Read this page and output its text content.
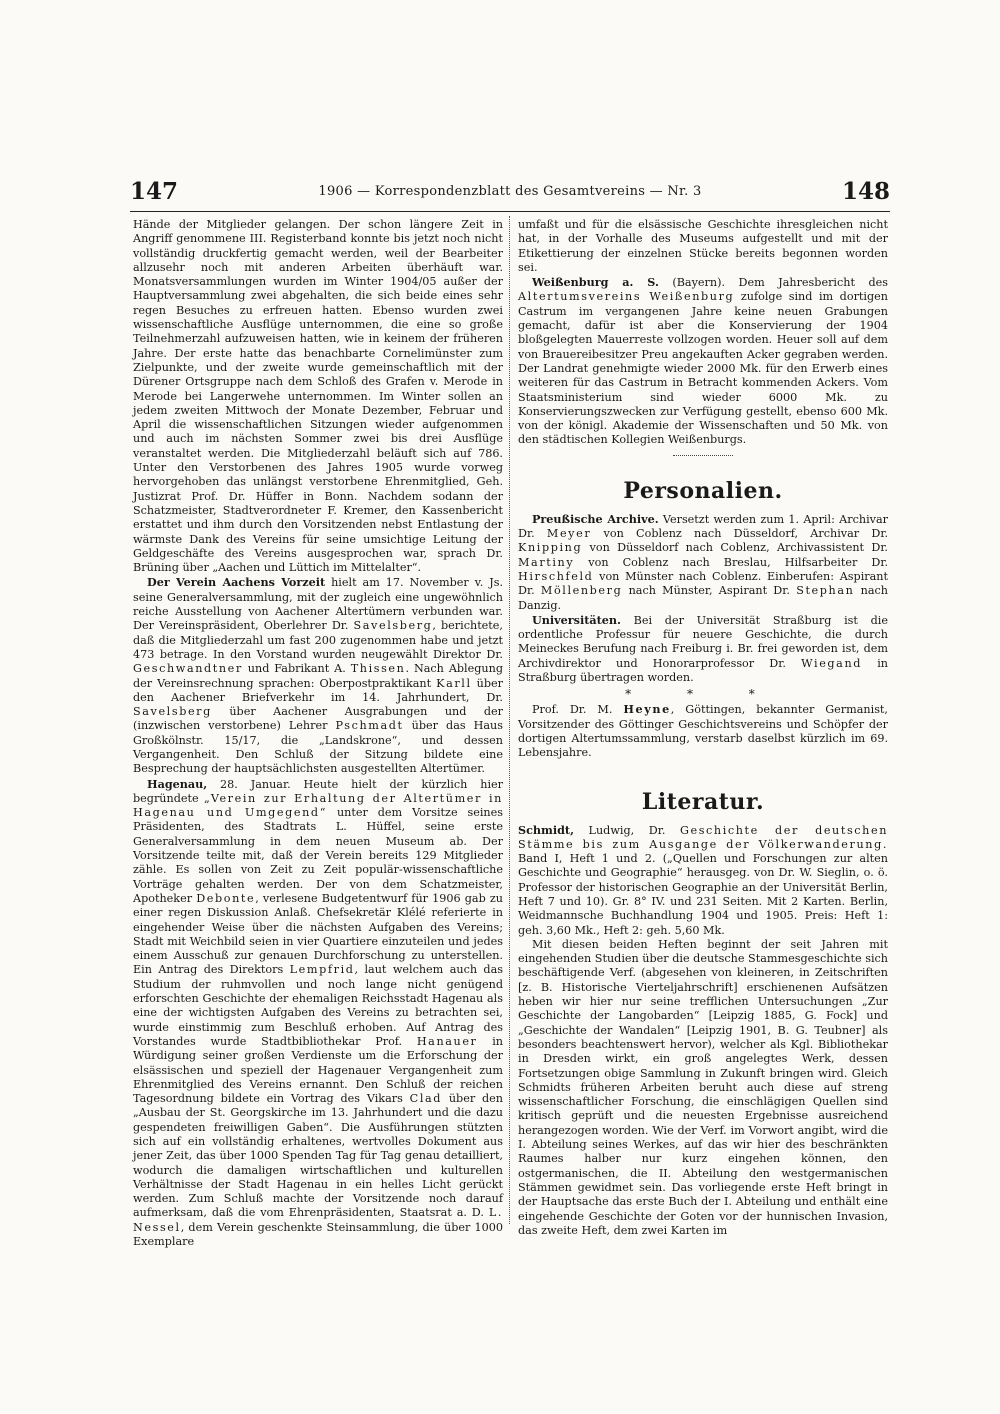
147	1906 — Korrespondenzblatt des Gesamtvereins — Nr. 3	148

Hände der Mitglieder gelangen. Der schon längere Zeit in Angriff genommene III. Registerband konnte bis jetzt noch nicht vollständig druckfertig gemacht werden, weil der Bearbeiter allzusehr noch mit anderen Arbeiten überhäuft war. Monatsversammlungen wurden im Winter 1904/05 außer der Hauptversammlung zwei abgehalten, die sich beide eines sehr regen Besuches zu erfreuen hatten. Ebenso wurden zwei wissenschaftliche Ausflüge unternommen, die eine so große Teilnehmerzahl aufzuweisen hatten, wie in keinem der früheren Jahre. Der erste hatte das benachbarte Cornelimünster zum Zielpunkte, und der zweite wurde gemeinschaftlich mit der Dürener Ortsgruppe nach dem Schloß des Grafen v. Merode in Merode bei Langerwehe unternommen. Im Winter sollen an jedem zweiten Mittwoch der Monate Dezember, Februar und April die wissenschaftlichen Sitzungen wieder aufgenommen und auch im nächsten Sommer zwei bis drei Ausflüge veranstaltet werden. Die Mitgliederzahl beläuft sich auf 786. Unter den Verstorbenen des Jahres 1905 wurde vorweg hervorgehoben das unlängst verstorbene Ehrenmitglied, Geh. Justizrat Prof. Dr. Hüffer in Bonn. Nachdem sodann der Schatzmeister, Stadtverordneter F. Kremer, den Kassenbericht erstattet und ihm durch den Vorsitzenden nebst Entlastung der wärmste Dank des Vereins für seine umsichtige Leitung der Geldgeschäfte des Vereins ausgesprochen war, sprach Dr. Brüning über „Aachen und Lüttich im Mittelalter“.

Der Verein Aachens Vorzeit hielt am 17. November v. Js. seine Generalversammlung, mit der zugleich eine ungewöhnlich reiche Ausstellung von Aachener Altertümern verbunden war. Der Vereinspräsident, Oberlehrer Dr. Savelsberg, berichtete, daß die Mitgliederzahl um fast 200 zugenommen habe und jetzt 473 betrage. In den Vorstand wurden neugewählt Direktor Dr. Geschwandtner und Fabrikant A. Thissen. Nach Ablegung der Vereinsrechnung sprachen: Oberpostpraktikant Karll über den Aachener Briefverkehr im 14. Jahrhundert, Dr. Savelsberg über Aachener Ausgrabungen und der (inzwischen verstorbene) Lehrer Pschmadt über das Haus Großkölnstr. 15/17, die „Landskrone“, und dessen Vergangenheit. Den Schluß der Sitzung bildete eine Besprechung der hauptsächlichsten ausgestellten Altertümer.

Hagenau, 28. Januar. Heute hielt der kürzlich hier begründete „Verein zur Erhaltung der Altertümer in Hagenau und Umgegend“ unter dem Vorsitze seines Präsidenten, des Stadtrats L. Hüffel, seine erste Generalversammlung in dem neuen Museum ab. Der Vorsitzende teilte mit, daß der Verein bereits 129 Mitglieder zähle. Es sollen von Zeit zu Zeit populär-wissenschaftliche Vorträge gehalten werden. Der von dem Schatzmeister, Apotheker Debonte, verlesene Budgetentwurf für 1906 gab zu einer regen Diskussion Anlaß. Chefsekretär Klélé referierte in eingehender Weise über die nächsten Aufgaben des Vereins; Stadt mit Weichbild seien in vier Quartiere einzuteilen und jedes einem Ausschuß zur genauen Durchforschung zu unterstellen. Ein Antrag des Direktors Lempfrid, laut welchem auch das Studium der ruhmvollen und noch lange nicht genügend erforschten Geschichte der ehemaligen Reichsstadt Hagenau als eine der wichtigsten Aufgaben des Vereins zu betrachten sei, wurde einstimmig zum Beschluß erhoben. Auf Antrag des Vorstandes wurde Stadtbibliothekar Prof. Hanauer in Würdigung seiner großen Verdienste um die Erforschung der elsässischen und speziell der Hagenauer Vergangenheit zum Ehrenmitglied des Vereins ernannt. Den Schluß der reichen Tagesordnung bildete ein Vortrag des Vikars Clad über den „Ausbau der St. Georgskirche im 13. Jahrhundert und die dazu gespendeten freiwilligen Gaben“. Die Ausführungen stützten sich auf ein vollständig erhaltenes, wertvolles Dokument aus jener Zeit, das über 1000 Spenden Tag für Tag genau detailliert, wodurch die damaligen wirtschaftlichen und kulturellen Verhältnisse der Stadt Hagenau in ein helles Licht gerückt werden. Zum Schluß machte der Vorsitzende noch darauf aufmerksam, daß die vom Ehrenpräsidenten, Staatsrat a. D. L. Nessel, dem Verein geschenkte Steinsammlung, die über 1000 Exemplare

umfaßt und für die elsässische Geschichte ihresgleichen nicht hat, in der Vorhalle des Museums aufgestellt und mit der Etikettierung der einzelnen Stücke bereits begonnen worden sei.

Weißenburg a. S. (Bayern). Dem Jahresbericht des Altertumsvereins Weißenburg zufolge sind im dortigen Castrum im vergangenen Jahre keine neuen Grabungen gemacht, dafür ist aber die Konservierung der 1904 bloßgelegten Mauerreste vollzogen worden. Heuer soll auf dem von Brauereibesitzer Preu angekauften Acker gegraben werden. Der Landrat genehmigte wieder 2000 Mk. für den Erwerb eines weiteren für das Castrum in Betracht kommenden Ackers. Vom Staatsministerium sind wieder 6000 Mk. zu Konservierungszwecken zur Verfügung gestellt, ebenso 600 Mk. von der königl. Akademie der Wissenschaften und 50 Mk. von den städtischen Kollegien Weißenburgs.

Personalien.

Preußische Archive. Versetzt werden zum 1. April: Archivar Dr. Meyer von Coblenz nach Düsseldorf, Archivar Dr. Knipping von Düsseldorf nach Coblenz, Archivassistent Dr. Martiny von Coblenz nach Breslau, Hilfsarbeiter Dr. Hirschfeld von Münster nach Coblenz. Einberufen: Aspirant Dr. Möllenberg nach Münster, Aspirant Dr. Stephan nach Danzig.

Universitäten. Bei der Universität Straßburg ist die ordentliche Professur für neuere Geschichte, die durch Meineckes Berufung nach Freiburg i. Br. frei geworden ist, dem Archivdirektor und Honorarprofessor Dr. Wiegand in Straßburg übertragen worden.

* * *

Prof. Dr. M. Heyne, Göttingen, bekannter Germanist, Vorsitzender des Göttinger Geschichtsvereins und Schöpfer der dortigen Altertumssammlung, verstarb daselbst kürzlich im 69. Lebensjahre.

Literatur.

Schmidt, Ludwig, Dr. Geschichte der deutschen Stämme bis zum Ausgange der Völkerwanderung. Band I, Heft 1 und 2. („Quellen und Forschungen zur alten Geschichte und Geographie“ herausgeg. von Dr. W. Sieglin, o. ö. Professor der historischen Geographie an der Universität Berlin, Heft 7 und 10). Gr. 8° IV. und 231 Seiten. Mit 2 Karten. Berlin, Weidmannsche Buchhandlung 1904 und 1905. Preis: Heft 1: geh. 3,60 Mk., Heft 2: geh. 5,60 Mk.

Mit diesen beiden Heften beginnt der seit Jahren mit eingehenden Studien über die deutsche Stammesgeschichte sich beschäftigende Verf. (abgesehen von kleineren, in Zeitschriften [z. B. Historische Vierteljahrschrift] erschienenen Aufsätzen heben wir hier nur seine trefflichen Untersuchungen „Zur Geschichte der Langobarden“ [Leipzig 1885, G. Fock] und „Geschichte der Wandalen“ [Leipzig 1901, B. G. Teubner] als besonders beachtenswert hervor), welcher als Kgl. Bibliothekar in Dresden wirkt, ein groß angelegtes Werk, dessen Fortsetzungen obige Sammlung in Zukunft bringen wird. Gleich Schmidts früheren Arbeiten beruht auch diese auf streng wissenschaftlicher Forschung, die einschlägigen Quellen sind kritisch geprüft und die neuesten Ergebnisse ausreichend herangezogen worden. Wie der Verf. im Vorwort angibt, wird die I. Abteilung seines Werkes, auf das wir hier des beschränkten Raumes halber nur kurz eingehen können, den ostgermanischen, die II. Abteilung den westgermanischen Stämmen gewidmet sein. Das vorliegende erste Heft bringt in der Hauptsache das erste Buch der I. Abteilung und enthält eine eingehende Geschichte der Goten vor der hunnischen Invasion, das zweite Heft, dem zwei Karten im
